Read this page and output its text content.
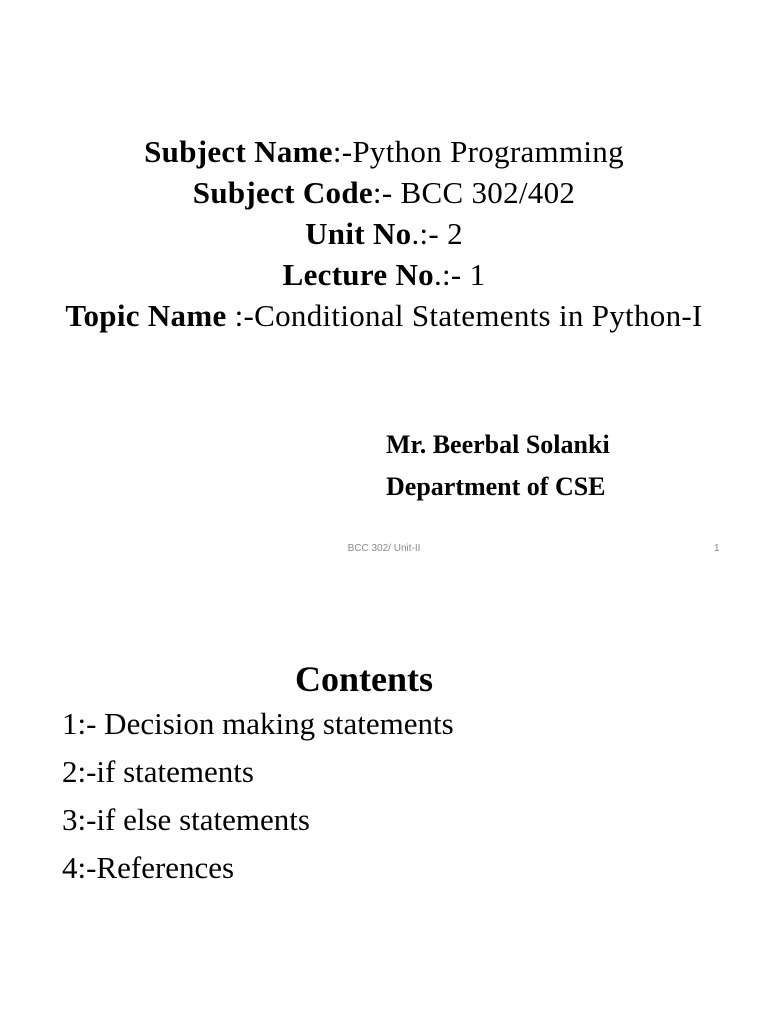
Subject Name:-Python Programming
Subject Code:- BCC 302/402
Unit No.:- 2
Lecture No.:- 1
Topic Name :-Conditional Statements in Python-I
Mr. Beerbal Solanki
Department of CSE
BCC 302/ Unit-II	1
Contents
1:- Decision making statements
2:-if statements
3:-if else statements
4:-References
